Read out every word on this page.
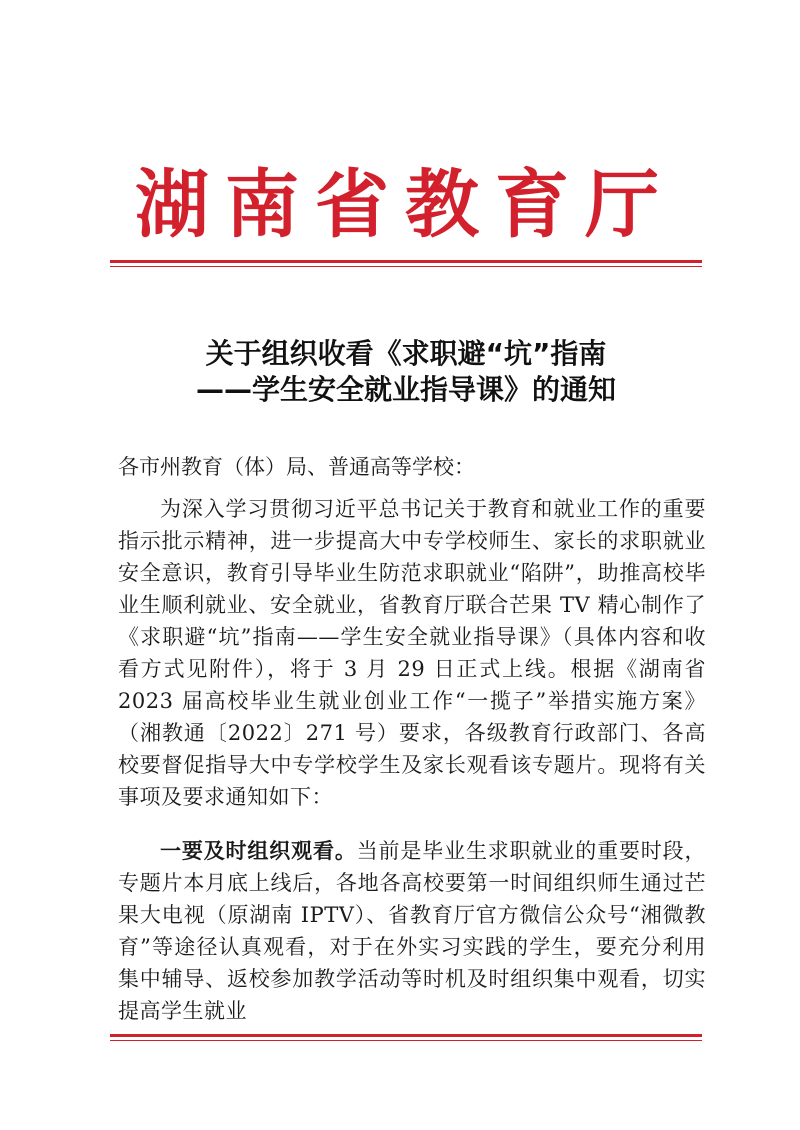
湖南省教育厅
关于组织收看《求职避“坑”指南
——学生安全就业指导课》的通知
各市州教育（体）局、普通高等学校：

为深入学习贯彻习近平总书记关于教育和就业工作的重要指示批示精神，进一步提高大中专学校师生、家长的求职就业安全意识，教育引导毕业生防范求职就业“陷阱”，助推高校毕业生顺利就业、安全就业，省教育厅联合芒果 TV 精心制作了《求职避“坑”指南——学生安全就业指导课》（具体内容和收看方式见附件），将于 3 月 29 日正式上线。根据《湖南省 2023 届高校毕业生就业创业工作“一揽子”举措实施方案》（湘教通〔2022〕271 号）要求，各级教育行政部门、各高校要督促指导大中专学校学生及家长观看该专题片。现将有关事项及要求通知如下：

一要及时组织观看。当前是毕业生求职就业的重要时段，专题片本月底上线后，各地各高校要第一时间组织师生通过芒果大电视（原湖南 IPTV）、省教育厅官方微信公众号“湘微教育”等途径认真观看，对于在外实习实践的学生，要充分利用集中辅导、返校参加教学活动等时机及时组织集中观看，切实提高学生就业
